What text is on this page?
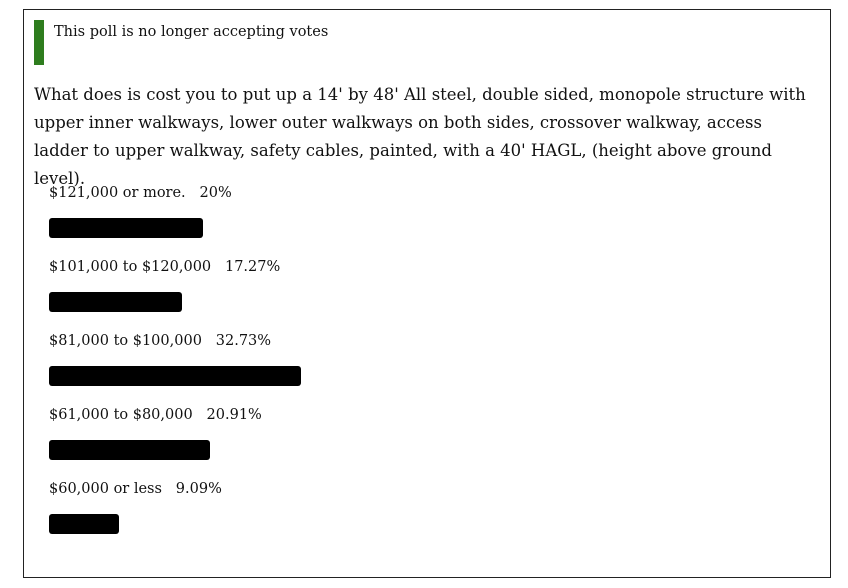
This poll is no longer accepting votes
What does is cost you to put up a 14' by 48' All steel, double sided, monopole structure with upper inner walkways, lower outer walkways on both sides, crossover walkway, access ladder to upper walkway, safety cables, painted, with a 40' HAGL, (height above ground level).
$121,000 or more. 20%
$101,000 to $120,000 17.27%
$81,000 to $100,000 32.73%
$61,000 to $80,000 20.91%
$60,000 or less 9.09%
